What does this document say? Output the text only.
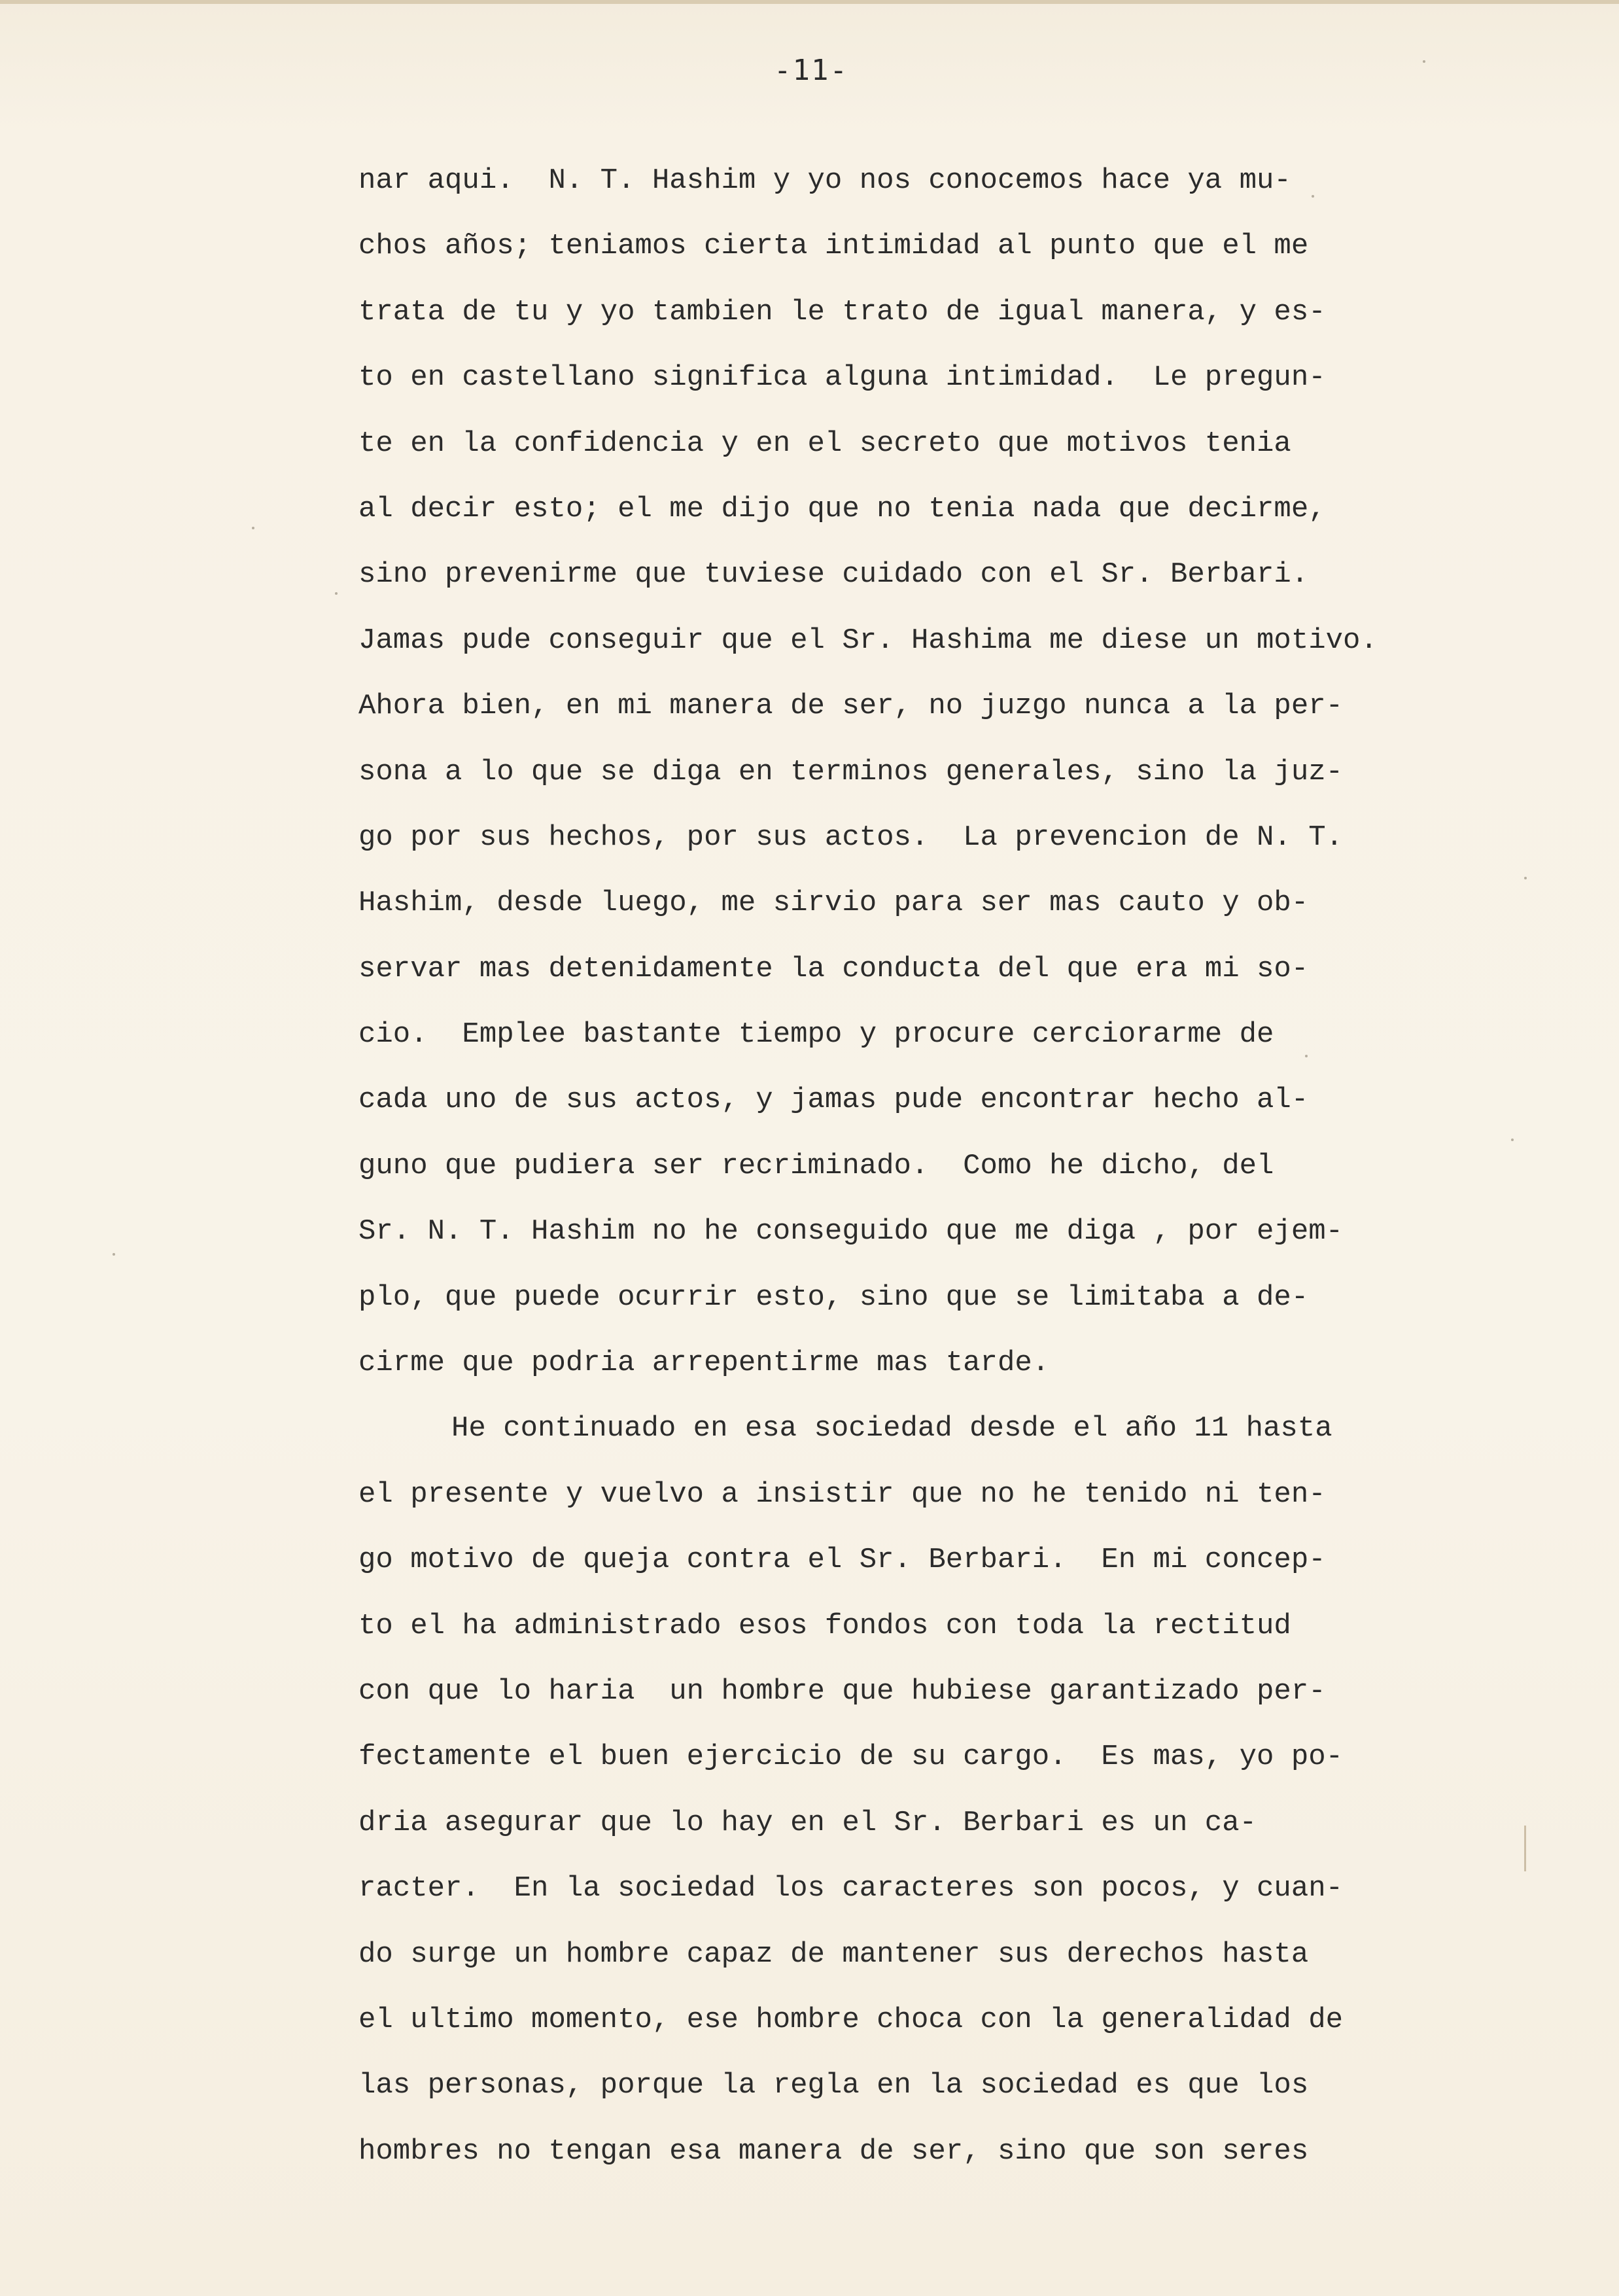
-11-
nar aqui.  N. T. Hashim y yo nos conocemos hace ya mu-
chos años; teniamos cierta intimidad al punto que el me
trata de tu y yo tambien le trato de igual manera, y es-
to en castellano significa alguna intimidad.  Le pregun-
te en la confidencia y en el secreto que motivos tenia
al decir esto; el me dijo que no tenia nada que decirme,
sino prevenirme que tuviese cuidado con el Sr. Berbari.
Jamas pude conseguir que el Sr. Hashima me diese un motivo.
Ahora bien, en mi manera de ser, no juzgo nunca a la per-
sona a lo que se diga en terminos generales, sino la juz-
go por sus hechos, por sus actos.  La prevencion de N. T.
Hashim, desde luego, me sirvio para ser mas cauto y ob-
servar mas detenidamente la conducta del que era mi so-
cio.  Emplee bastante tiempo y procure cerciorarme de
cada uno de sus actos, y jamas pude encontrar hecho al-
guno que pudiera ser recriminado.  Como he dicho, del
Sr. N. T. Hashim no he conseguido que me diga , por ejem-
plo, que puede ocurrir esto, sino que se limitaba a de-
cirme que podria arrepentirme mas tarde.
He continuado en esa sociedad desde el año 11 hasta
el presente y vuelvo a insistir que no he tenido ni ten-
go motivo de queja contra el Sr. Berbari.  En mi concep-
to el ha administrado esos fondos con toda la rectitud
con que lo haria  un hombre que hubiese garantizado per-
fectamente el buen ejercicio de su cargo.  Es mas, yo po-
dria asegurar que lo hay en el Sr. Berbari es un ca-
racter.  En la sociedad los caracteres son pocos, y cuan-
do surge un hombre capaz de mantener sus derechos hasta
el ultimo momento, ese hombre choca con la generalidad de
las personas, porque la regla en la sociedad es que los
hombres no tengan esa manera de ser, sino que son seres
